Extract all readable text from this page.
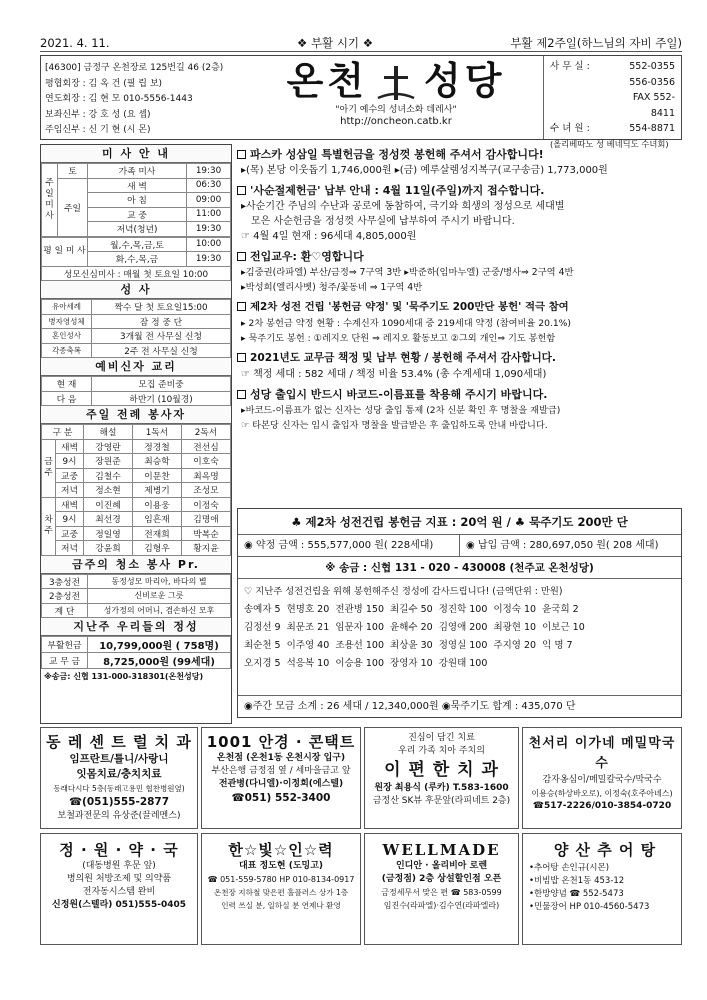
2021. 4. 11.	❖ 부활 시기 ❖	부활 제2주일(하느님의 자비 주일)
[46300] 금정구 온천장로 125번길 46 (2층)
평협회장 : 김 옥 건 (필 립 보)
연도회장 : 김 현 모 010-5556-1443
보좌신부 : 강 호 성 (요 셉)
주임신부 : 신 기 현 (시 몬)
온천 성당
"아기 예수의 성녀소화 데레사"
http://oncheon.catb.kr
사 무 실 :	552-0355
556-0356
FAX 552-8411
수 녀 원 :	554-8871
(올리베따노 성 베네딕도 수녀회)
미 사 안 내
주일미사	토	가족 미사	19:30
	주일	새 벽	06:30
		아 침	09:00
		교 중	11:00
		저녁(청년)	19:30
평 일 미 사	월,수,목,금,토	10:00
	화,수,목,금	19:30
성모신심미사 : 매월 첫 토요일 10:00		
성 사
유아세례	짝수 달 첫 토요일15:00
병자영성체	잠 정 중 단
혼인성사	3개월 전 사무실 신청
각종축복	2주 전 사무실 신청
예비신자 교리
현 재	모집 준비중
다 음	하반기 (10월경)
주일 전례 봉사자
구 분		해설	1독서	2독서
금주	새벽	강영란	정경철	전선심
	9시	장원준	최승학	이호숙
	교중	김철수	이문찬	최옥명
	저녁	정소현	제병기	조성모
차주	새벽	이진혜	이용웅	이정숙
	9시	최선경	임흔재	김명애
	교중	정일영	전재희	박복순
	저녁	강윤희	김형우	황지윤
금주의 청소 봉사 Pr.
3층성전	동정성모 마리아, 바다의 별
2층성전	신비로운 그릇
계 단	성가정의 어머니, 겸손하신 모후
지난주 우리들의 정성
부활헌금	10,799,000원 ( 758명)
교 무 금	8,725,000원 (99세대)
※송금: 신협 131-000-318301(온천성당)
파스카 성삼일 특별헌금을 정성껏 봉헌해 주셔서 감사합니다!
▸(목) 본당 이웃돕기 1,746,000원 ▸(금) 예루살렘성지복구(교구송금) 1,773,000원
'사순절제헌금' 납부 안내 : 4월 11일(주일)까지 접수합니다.
▸사순기간 주님의 수난과 공로에 동참하여, 극기와 희생의 정성으로 세대별
모은 사순헌금을 정성껏 사무실에 납부하여 주시기 바랍니다.
☞ 4월 4일 현재 : 96세대 4,805,000원
전입교우: 환♡영합니다
▸김중권(라파엘) 부산/금정⇒ 7구역 3반 ▸박준하(임마누엘) 군중/병사⇒ 2구역 4반
▸박성희(엘리사벳) 청주/꽃동네 ⇒ 1구역 4반
제2차 성전 건립 '봉헌금 약정' 및 '묵주기도 200만단 봉헌' 적극 참여
▸ 2차 봉헌금 약정 현황 : 수계신자 1090세대 중 219세대 약정 (참여비율 20.1%)
▸ 묵주기도 봉헌 : ①레지오 단원 ⇒ 레지오 활동보고 ②그외 개인⇒ 기도 봉헌함
2021년도 교무금 책정 및 납부 현황 / 봉헌해 주셔서 감사합니다.
☞ 책정 세대 : 582 세대 / 책정 비율 53.4% (총 수계세대 1,090세대)
성당 출입시 반드시 바코드-이름표를 착용해 주시기 바랍니다.
▸바코드-이름표가 없는 신자는 성당 출입 통제 (2차 신분 확인 후 명찰을 재발급)
☞ 타본당 신자는 임시 출입자 명찰을 발급받은 후 출입하도록 안내 바랍니다.
♣ 제2차 성전건립 봉헌금 지표 : 20억 원 / ♣ 묵주기도 200만 단
◉ 약정 금액 : 555,577,000 원( 228세대)	◉ 납입 금액 : 280,697,050 원( 208 세대)
※ 송금 : 신협 131 - 020 - 430008 (천주교 온천성당)
♡ 지난주 성전건립을 위해 봉헌해주신 정성에 감사드립니다! (금액단위 : 만원)
송예자 5  현명호 20  전관병 150  최길수 50  정진학 100  이정숙 10  윤국희 2
김정선 9  최문조 21  임문자 100  윤해수 20  김영애 200  최광현 10  이보근 10
최순천 5  이주영 40  조용선 100  최상윤 30  정영실 100  주지영 20  익 명 7
오지경 5  석응복 10  이승용 100  장영자 10  강원태 100
◉주간 모금 소계 : 26 세대 / 12,340,000원 ◉묵주기도 합계 : 435,070 단
동 레 센 트 럴 치 과
임프란트/틀니/사랑니
잇몸치료/충치치료
동래다시다 5층(동래고용민 협찬병원옆)
☎(051)555-2877
보철과전문의 유상준(끌레멘스)
1001 안경 · 콘택트
온천점 (온천1동 온천시장 입구)
부산은행 금정점 옆 / 세마을금고 앞
전관병(다니엘)·이정희(에스텔)
☎051) 552-3400
진심이 담긴 치료
우리 가족 치아 주치의
이 편 한 치 과
원장 최용식 (루카) T.583-1600
금정산 SK뷰 후문앞(라피네트 2층)
천서리 이가네 메밀막국수
감자옹심이/메밀칼국수/막국수
이용승(하상바오로), 이정숙(호주아녜스)
☎517-2226/010-3854-0720
정 · 원 · 약 · 국
(대동병원 후문 앞)
병의원 처방조제 및 의약품
전자동시스템 완비
신정원(스텔라) 051)555-0405
한☆빛☆인☆력
대표 정도현 (도밍고)
☎ 051-559-5780 HP 010-8134-0917
온천장 지하철 맞은편 홀플러스 상가 1층
인력 쓰실 분, 일하실 분 연제나 환영
WELLMADE
인디안 · 올리비아 로렌
(금정점) 2층 상설할인점 오픈
금정세무서 맞은 편 ☎ 583-0599
임진수(라파엘)·김수연(라파엘라)
양 산 추 어 탕
•추어탕 손인규(시몬)
•비빔밥 온천1동 453-12
•한방양념 ☎ 552-5473
•민물장어 HP 010-4560-5473
